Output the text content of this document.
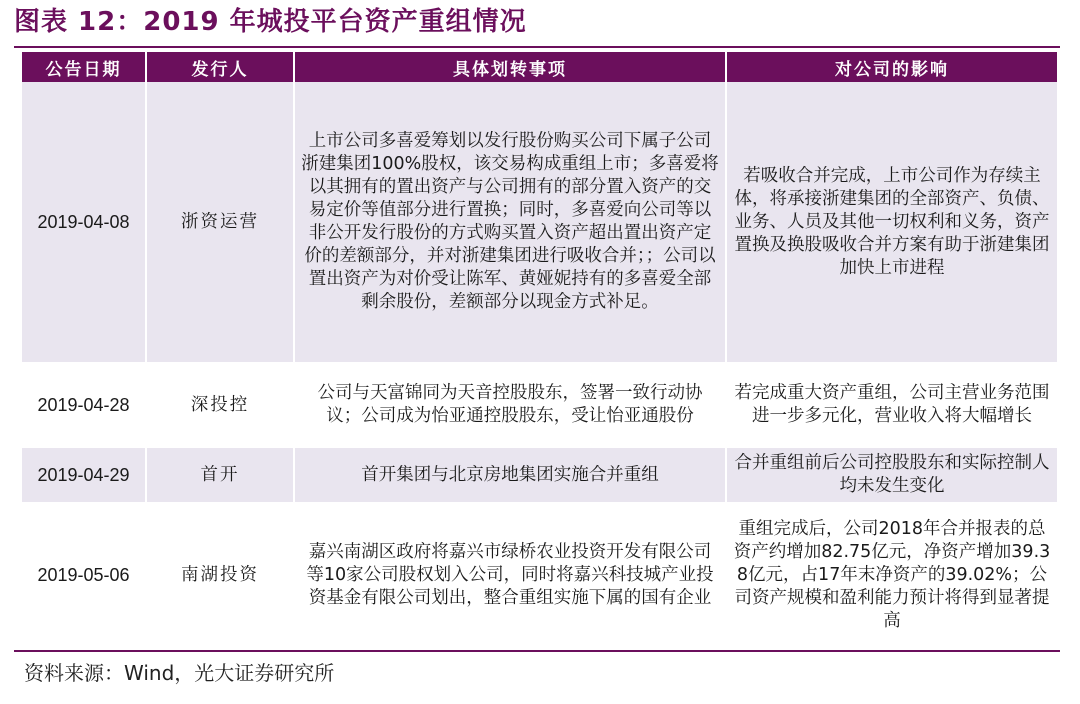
图表 12：2019 年城投平台资产重组情况
公告日期	发行人	具体划转事项	对公司的影响
2019-04-08	浙资运营	上市公司多喜爱筹划以发行股份购买公司下属子公司浙建集团100%股权，该交易构成重组上市；多喜爱将以其拥有的置出资产与公司拥有的部分置入资产的交易定价等值部分进行置换；同时，多喜爱向公司等以非公开发行股份的方式购买置入资产超出置出资产定价的差额部分，并对浙建集团进行吸收合并；；公司以置出资产为对价受让陈军、黄娅妮持有的多喜爱全部剩余股份，差额部分以现金方式补足。	若吸收合并完成，上市公司作为存续主体，将承接浙建集团的全部资产、负债、业务、人员及其他一切权利和义务，资产置换及换股吸收合并方案有助于浙建集团加快上市进程
2019-04-28	深投控	公司与天富锦同为天音控股股东，签署一致行动协议；公司成为怡亚通控股股东，受让怡亚通股份	若完成重大资产重组，公司主营业务范围进一步多元化，营业收入将大幅增长
2019-04-29	首开	首开集团与北京房地集团实施合并重组	合并重组前后公司控股股东和实际控制人均未发生变化
2019-05-06	南湖投资	嘉兴南湖区政府将嘉兴市绿桥农业投资开发有限公司等10家公司股权划入公司，同时将嘉兴科技城产业投资基金有限公司划出，整合重组实施下属的国有企业	重组完成后，公司2018年合并报表的总资产约增加82.75亿元，净资产增加39.38亿元，占17年末净资产的39.02%；公司资产规模和盈利能力预计将得到显著提高
资料来源：Wind，光大证券研究所
